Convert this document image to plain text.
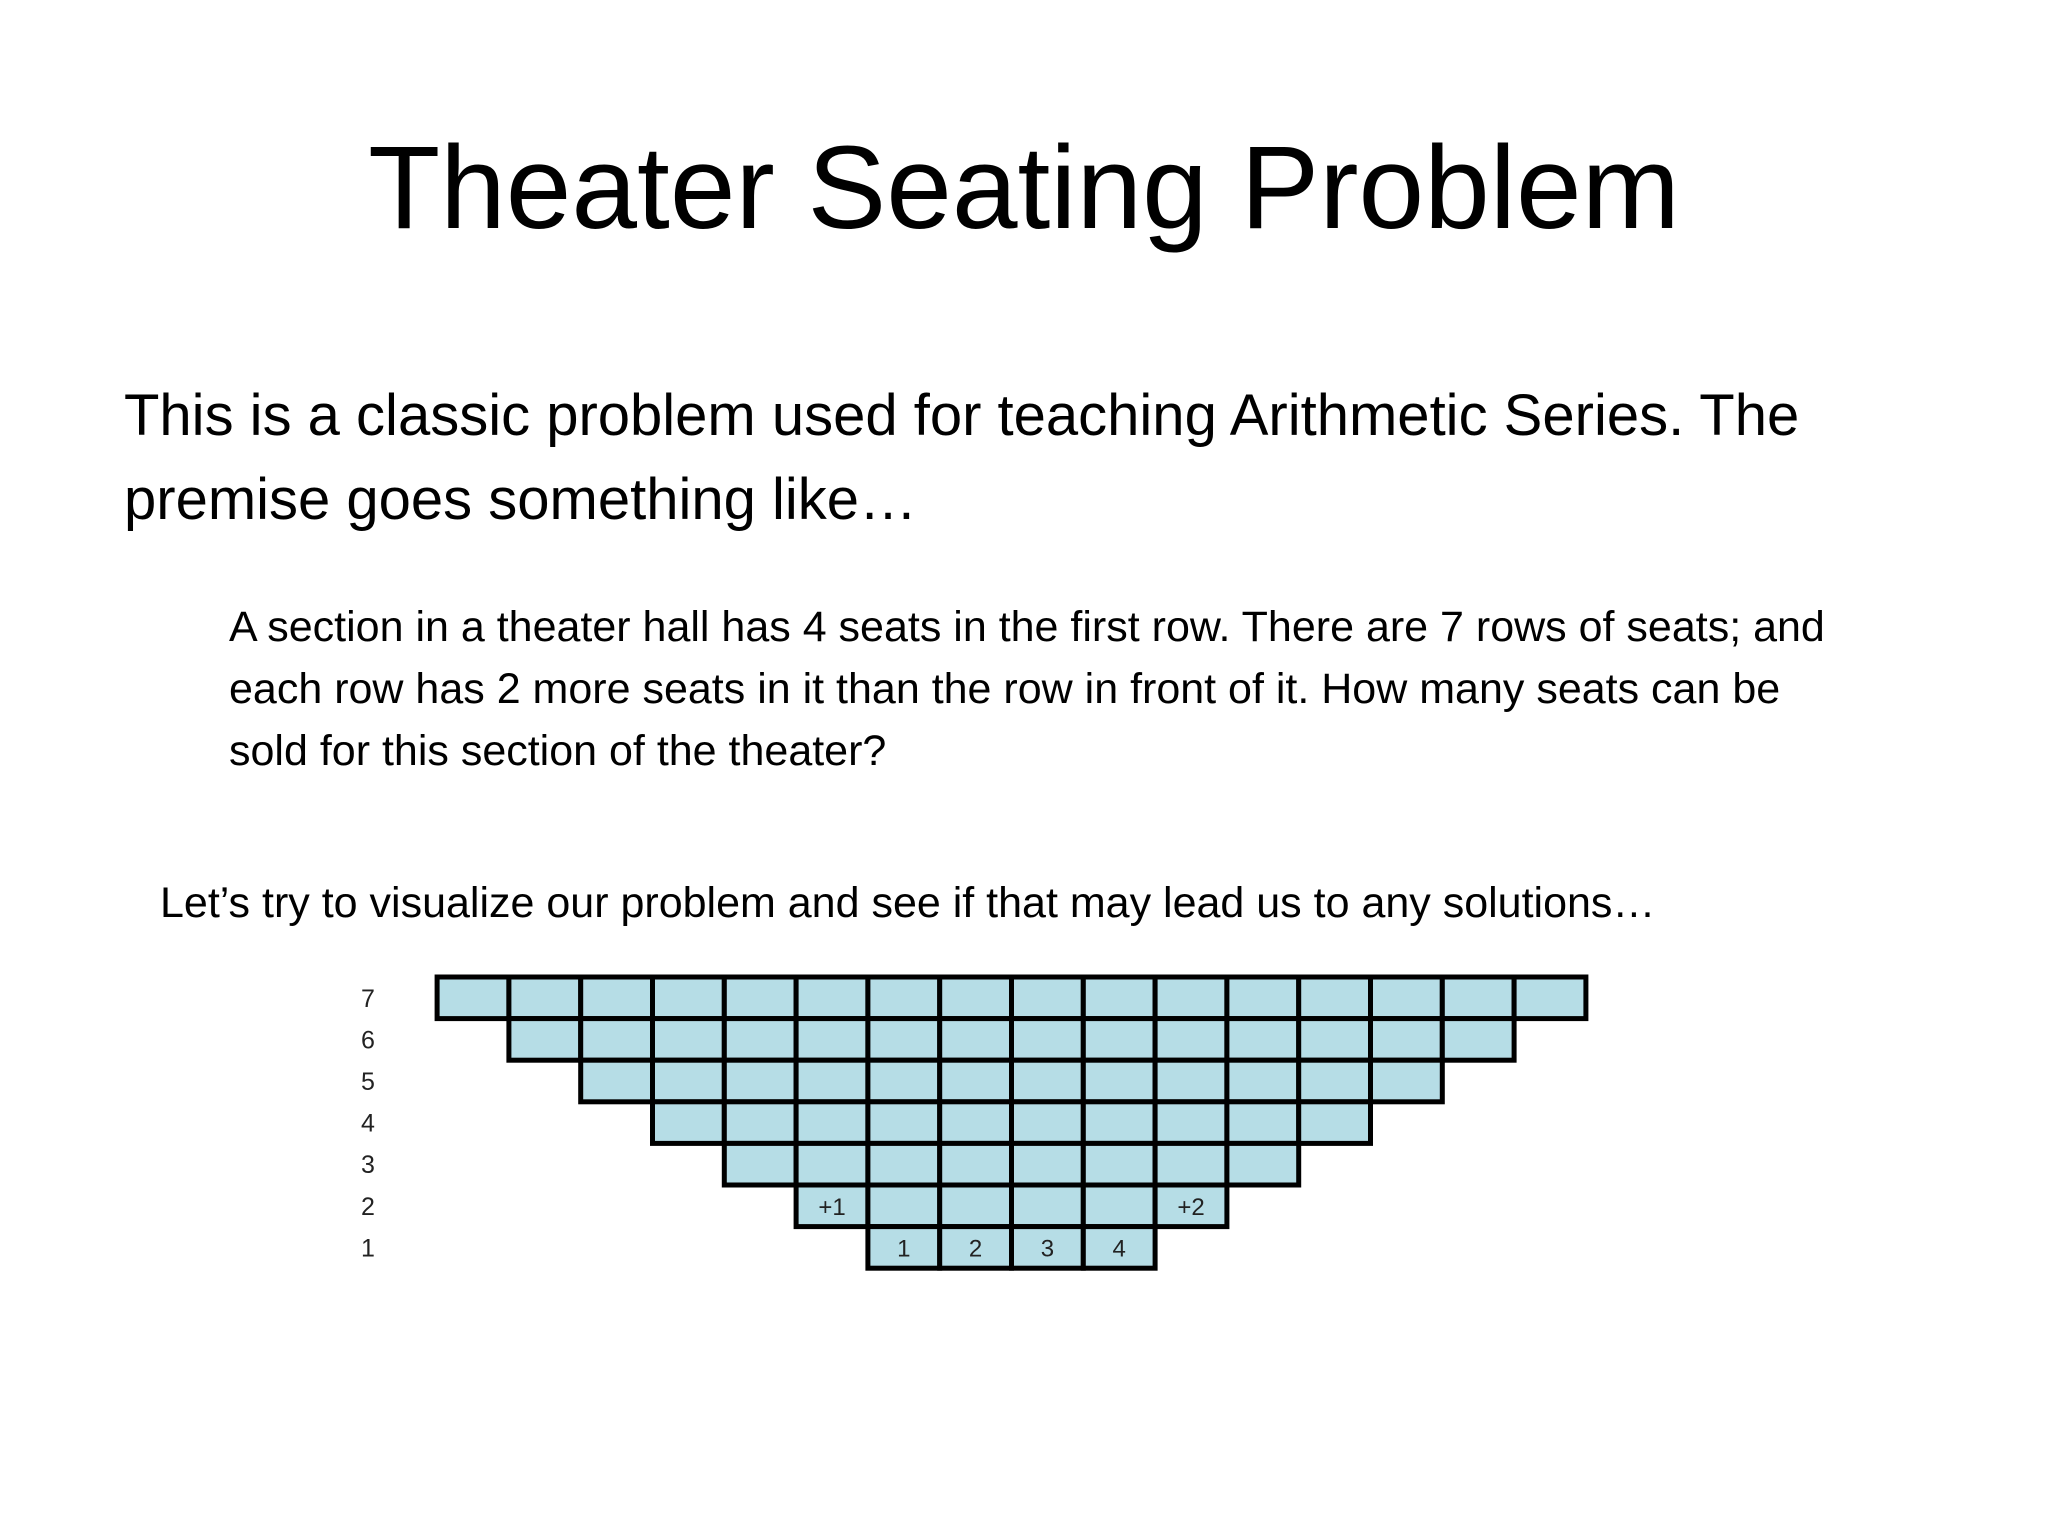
Theater Seating Problem

This is a classic problem used for teaching Arithmetic Series. The premise goes something like…

A section in a theater hall has 4 seats in the first row. There are 7 rows of seats; and each row has 2 more seats in it than the row in front of it. How many seats can be sold for this section of the theater?

Let’s try to visualize our problem and see if that may lead us to any solutions…

7
6
5
4
3
2
1	1 2 3 4
+1	+2
